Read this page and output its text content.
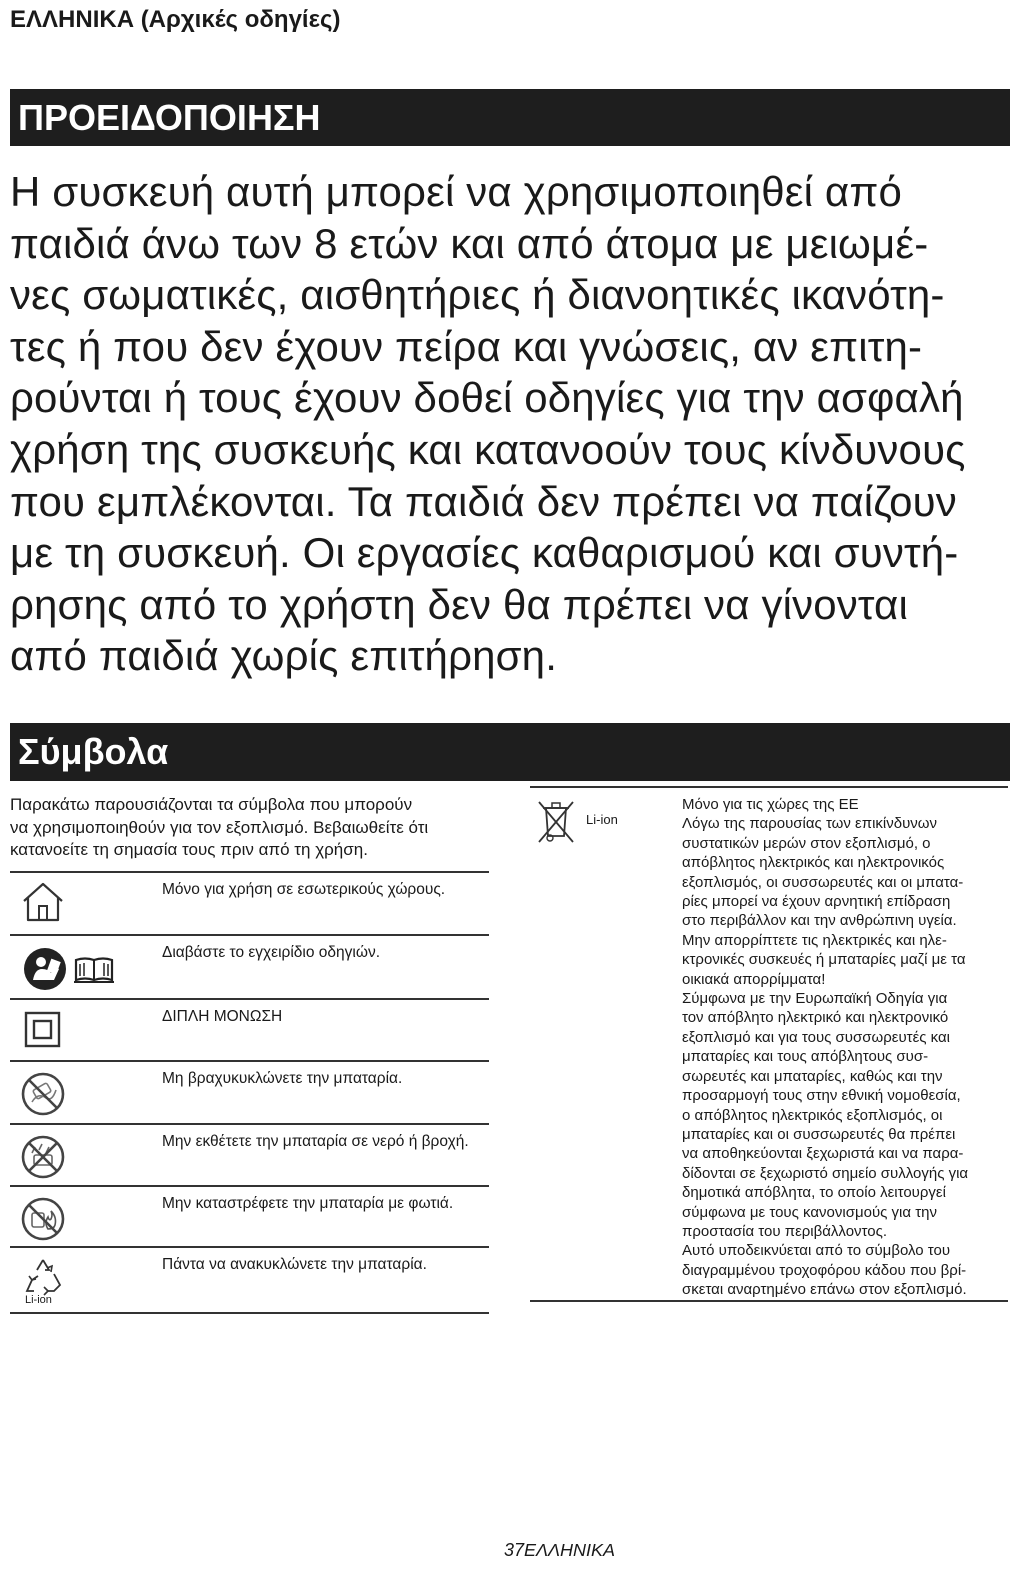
ΕΛΛΗΝΙΚΑ (Αρχικές οδηγίες)
ΠΡΟΕΙΔΟΠΟΙΗΣΗ
Η συσκευή αυτή μπορεί να χρησιμοποιηθεί από
παιδιά άνω των 8 ετών και από άτομα με μειωμέ-
νες σωματικές, αισθητήριες ή διανοητικές ικανότη-
τες ή που δεν έχουν πείρα και γνώσεις, αν επιτη-
ρούνται ή τους έχουν δοθεί οδηγίες για την ασφαλή
χρήση της συσκευής και κατανοούν τους κίνδυνους
που εμπλέκονται. Τα παιδιά δεν πρέπει να παίζουν
με τη συσκευή. Οι εργασίες καθαρισμού και συντή-
ρησης από το χρήστη δεν θα πρέπει να γίνονται
από παιδιά χωρίς επιτήρηση.
Σύμβολα
Παρακάτω παρουσιάζονται τα σύμβολα που μπορούν
να χρησιμοποιηθούν για τον εξοπλισμό. Βεβαιωθείτε ότι
κατανοείτε τη σημασία τους πριν από τη χρήση.
Μόνο για χρήση σε εσωτερικούς χώρους.
Διαβάστε το εγχειρίδιο οδηγιών.
ΔΙΠΛΗ ΜΟΝΩΣΗ
Μη βραχυκυκλώνετε την μπαταρία.
Μην εκθέτετε την μπαταρία σε νερό ή βροχή.
Μην καταστρέφετε την μπαταρία με φωτιά.
Li-ion
Πάντα να ανακυκλώνετε την μπαταρία.
Li-ion
Μόνο για τις χώρες της ΕΕ
Λόγω της παρουσίας των επικίνδυνων
συστατικών μερών στον εξοπλισμό, ο
απόβλητος ηλεκτρικός και ηλεκτρονικός
εξοπλισμός, οι συσσωρευτές και οι μπατα-
ρίες μπορεί να έχουν αρνητική επίδραση
στο περιβάλλον και την ανθρώπινη υγεία.
Μην απορρίπτετε τις ηλεκτρικές και ηλε-
κτρονικές συσκευές ή μπαταρίες μαζί με τα
οικιακά απορρίμματα!
Σύμφωνα με την Ευρωπαϊκή Οδηγία για
τον απόβλητο ηλεκτρικό και ηλεκτρονικό
εξοπλισμό και για τους συσσωρευτές και
μπαταρίες και τους απόβλητους συσ-
σωρευτές και μπαταρίες, καθώς και την
προσαρμογή τους στην εθνική νομοθεσία,
ο απόβλητος ηλεκτρικός εξοπλισμός, οι
μπαταρίες και οι συσσωρευτές θα πρέπει
να αποθηκεύονται ξεχωριστά και να παρα-
δίδονται σε ξεχωριστό σημείο συλλογής για
δημοτικά απόβλητα, το οποίο λειτουργεί
σύμφωνα με τους κανονισμούς για την
προστασία του περιβάλλοντος.
Αυτό υποδεικνύεται από το σύμβολο του
διαγραμμένου τροχοφόρου κάδου που βρί-
σκεται αναρτημένο επάνω στον εξοπλισμό.
37ΕΛΛΗΝΙΚΑ
